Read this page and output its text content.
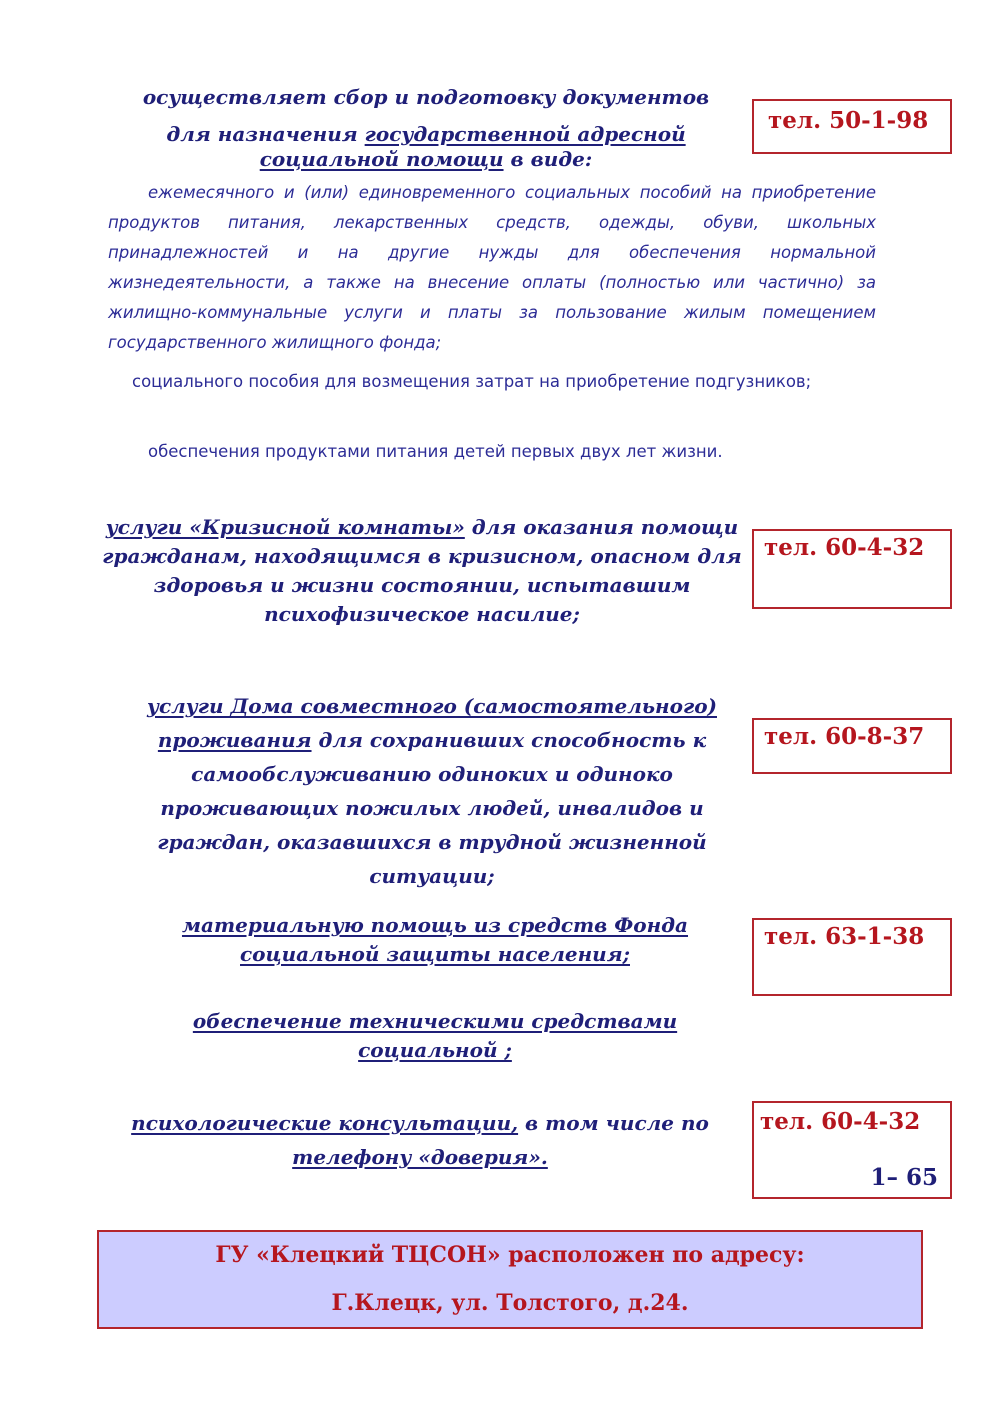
осуществляет сбор и подготовку документов
для назначения государственной адресной
социальной помощи в виде:
тел. 50-1-98
ежемесячного и (или) единовременного социальных пособий на приобретение продуктов питания, лекарственных средств, одежды, обуви, школьных принадлежностей и на другие нужды для обеспечения нормальной жизнедеятельности, а также на внесение оплаты (полностью или частично) за жилищно-коммунальные услуги и платы за пользование жилым помещением государственного жилищного фонда;
социального пособия для возмещения затрат на приобретение подгузников;
обеспечения продуктами питания детей первых двух лет жизни.
услуги «Кризисной комнаты» для оказания помощи гражданам, находящимся в кризисном, опасном для здоровья и жизни состоянии, испытавшим психофизическое насилие;
тел. 60-4-32
услуги Дома совместного (самостоятельного) проживания для сохранивших способность к самообслуживанию одиноких и одиноко проживающих пожилых людей, инвалидов и граждан, оказавшихся в трудной жизненной ситуации;
тел. 60-8-37
материальную помощь из средств Фонда социальной защиты населения;
тел. 63-1-38
обеспечение техническими средствами социальной ;
психологические консультации, в том числе по телефону «доверия».
тел. 60-4-32
1– 65
ГУ «Клецкий ТЦСОН» расположен по адресу:
Г.Клецк, ул. Толстого, д.24.
